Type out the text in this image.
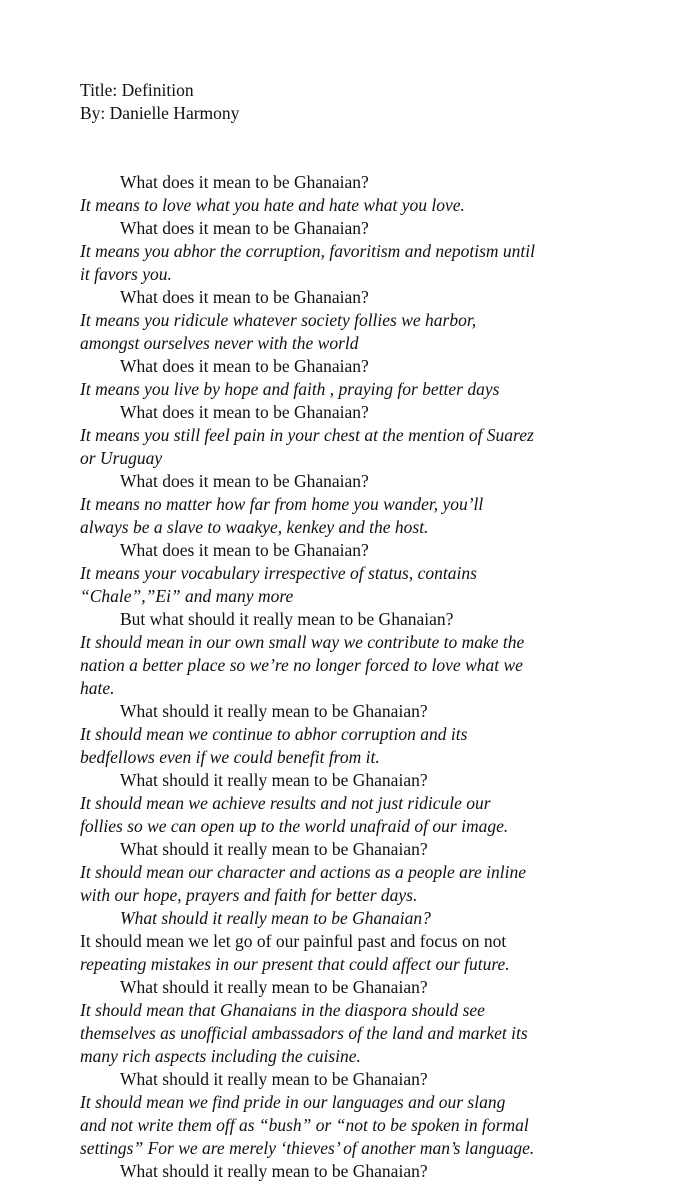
Title: Definition
By: Danielle Harmony
What does it mean to be Ghanaian?
It means to love what you hate and hate what you love.
What does it mean to be Ghanaian?
It means you abhor the corruption, favoritism and nepotism until
it favors you.
What does it mean to be Ghanaian?
It means you ridicule whatever society follies we harbor,
amongst ourselves never with the world
What does it mean to be Ghanaian?
It means you live by hope and faith , praying for better days
What does it mean to be Ghanaian?
It means you still feel pain in your chest at the mention of Suarez
or Uruguay
What does it mean to be Ghanaian?
It means no matter how far from home you wander, you’ll
always be a slave to waakye, kenkey and the host.
What does it mean to be Ghanaian?
It means your vocabulary irrespective of status, contains
“Chale”,”Ei” and many more
But what should it really mean to be Ghanaian?
It should mean in our own small way we contribute to make the
nation a better place so we’re no longer forced to love what we
hate.
What should it really mean to be Ghanaian?
It should mean we continue to abhor corruption and its
bedfellows even if we could benefit from it.
What should it really mean to be Ghanaian?
It should mean we achieve results and not just ridicule our
follies so we can open up to the world unafraid of our image.
What should it really mean to be Ghanaian?
It should mean our character and actions as a people are inline
with our hope, prayers and faith for better days.
What should it really mean to be Ghanaian?
It should mean we let go of our painful past and focus on not
repeating mistakes in our present that could affect our future.
What should it really mean to be Ghanaian?
It should mean that Ghanaians in the diaspora should see
themselves as unofficial ambassadors of the land and market its
many rich aspects including the cuisine.
What should it really mean to be Ghanaian?
It should mean we find pride in our languages and our slang
and not write them off as “bush” or “not to be spoken in formal
settings” For we are merely ‘thieves’ of another man’s language.
What should it really mean to be Ghanaian?
